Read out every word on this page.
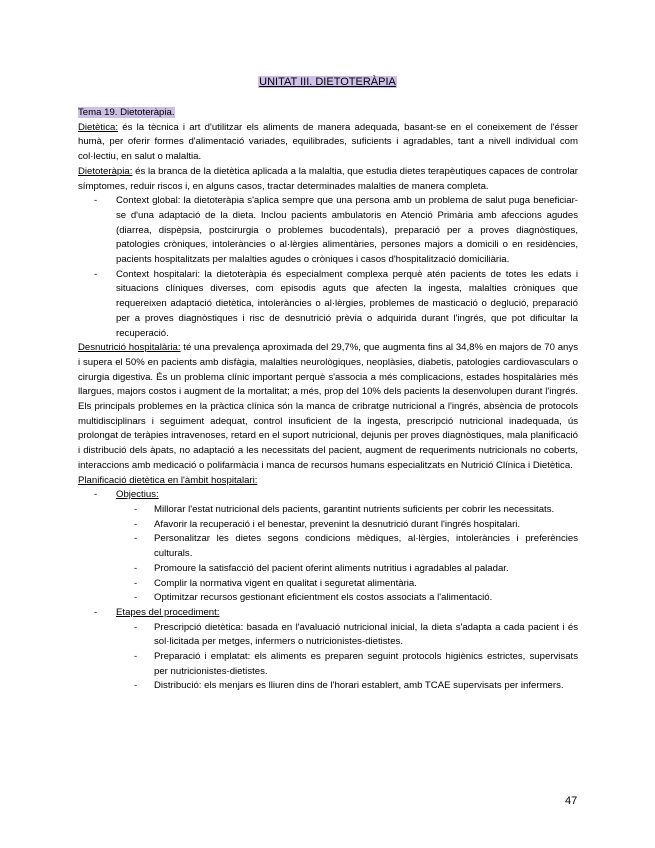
UNITAT III. DIETOTERÀPIA

Tema 19. Dietoteràpia.

Dietètica: és la tècnica i art d'utilitzar els aliments de manera adequada, basant-se en el coneixement de l'ésser humà, per oferir formes d'alimentació variades, equilibrades, suficients i agradables, tant a nivell individual com col·lectiu, en salut o malaltia.

Dietoteràpia: és la branca de la dietètica aplicada a la malaltia, que estudia dietes terapèutiques capaces de controlar símptomes, reduir riscos i, en alguns casos, tractar determinades malalties de manera completa.

- Context global: la dietoteràpia s'aplica sempre que una persona amb un problema de salut puga beneficiar-se d'una adaptació de la dieta. Inclou pacients ambulatoris en Atenció Primària amb afeccions agudes (diarrea, dispèpsia, postcirurgia o problemes bucodentals), preparació per a proves diagnòstiques, patologies cròniques, intoleràncies o al·lèrgies alimentàries, persones majors a domicili o en residències, pacients hospitalitzats per malalties agudes o cròniques i casos d'hospitalització domiciliària.

- Context hospitalari: la dietoteràpia és especialment complexa perquè atén pacients de totes les edats i situacions clíniques diverses, com episodis aguts que afecten la ingesta, malalties cròniques que requereixen adaptació dietètica, intoleràncies o al·lèrgies, problemes de masticació o deglució, preparació per a proves diagnòstiques i risc de desnutrició prèvia o adquirida durant l'ingrés, que pot dificultar la recuperació.

Desnutrició hospitalària: té una prevalença aproximada del 29,7%, que augmenta fins al 34,8% en majors de 70 anys i supera el 50% en pacients amb disfàgia, malalties neurològiques, neoplàsies, diabetis, patologies cardiovasculars o cirurgia digestiva. És un problema clínic important perquè s'associa a més complicacions, estades hospitalàries més llargues, majors costos i augment de la mortalitat; a més, prop del 10% dels pacients la desenvolupen durant l'ingrés. Els principals problemes en la pràctica clínica són la manca de cribratge nutricional a l'ingrés, absència de protocols multidisciplinars i seguiment adequat, control insuficient de la ingesta, prescripció nutricional inadequada, ús prolongat de teràpies intravenoses, retard en el suport nutricional, dejunis per proves diagnòstiques, mala planificació i distribució dels àpats, no adaptació a les necessitats del pacient, augment de requeriments nutricionals no coberts, interaccions amb medicació o polifarmàcia i manca de recursos humans especialitzats en Nutrició Clínica i Dietètica.

Planificació dietètica en l'àmbit hospitalari:

- Objectius:

- Millorar l'estat nutricional dels pacients, garantint nutrients suficients per cobrir les necessitats.

- Afavorir la recuperació i el benestar, prevenint la desnutrició durant l'ingrés hospitalari.

- Personalitzar les dietes segons condicions mèdiques, al·lèrgies, intoleràncies i preferències culturals.

- Promoure la satisfacció del pacient oferint aliments nutritius i agradables al paladar.

- Complir la normativa vigent en qualitat i seguretat alimentària.

- Optimitzar recursos gestionant eficientment els costos associats a l'alimentació.

- Etapes del procediment:

- Prescripció dietètica: basada en l'avaluació nutricional inicial, la dieta s'adapta a cada pacient i és sol·licitada per metges, infermers o nutricionistes-dietistes.

- Preparació i emplatat: els aliments es preparen seguint protocols higiènics estrictes, supervisats per nutricionistes-dietistes.

- Distribució: els menjars es lliuren dins de l'horari establert, amb TCAE supervisats per infermers.

47
